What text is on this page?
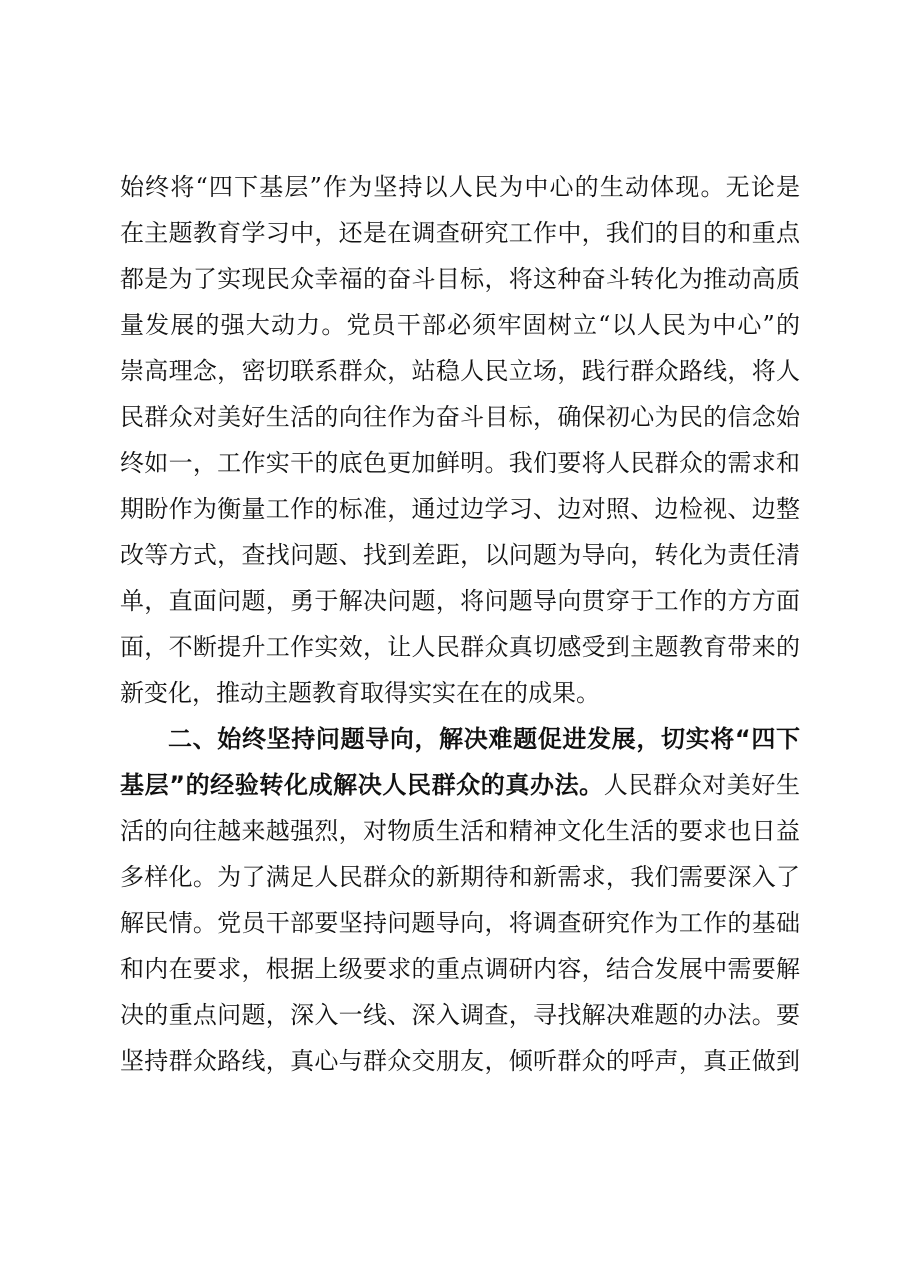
始终将“四下基层”作为坚持以人民为中心的生动体现。无论是
在主题教育学习中，还是在调查研究工作中，我们的目的和重点
都是为了实现民众幸福的奋斗目标，将这种奋斗转化为推动高质
量发展的强大动力。党员干部必须牢固树立“以人民为中心”的
崇高理念，密切联系群众，站稳人民立场，践行群众路线，将人
民群众对美好生活的向往作为奋斗目标，确保初心为民的信念始
终如一，工作实干的底色更加鲜明。我们要将人民群众的需求和
期盼作为衡量工作的标准，通过边学习、边对照、边检视、边整
改等方式，查找问题、找到差距，以问题为导向，转化为责任清
单，直面问题，勇于解决问题，将问题导向贯穿于工作的方方面
面，不断提升工作实效，让人民群众真切感受到主题教育带来的
新变化，推动主题教育取得实实在在的成果。
二、始终坚持问题导向，解决难题促进发展，切实将“四下
基层”的经验转化成解决人民群众的真办法。人民群众对美好生
活的向往越来越强烈，对物质生活和精神文化生活的要求也日益
多样化。为了满足人民群众的新期待和新需求，我们需要深入了
解民情。党员干部要坚持问题导向，将调查研究作为工作的基础
和内在要求，根据上级要求的重点调研内容，结合发展中需要解
决的重点问题，深入一线、深入调查，寻找解决难题的办法。要
坚持群众路线，真心与群众交朋友，倾听群众的呼声，真正做到
